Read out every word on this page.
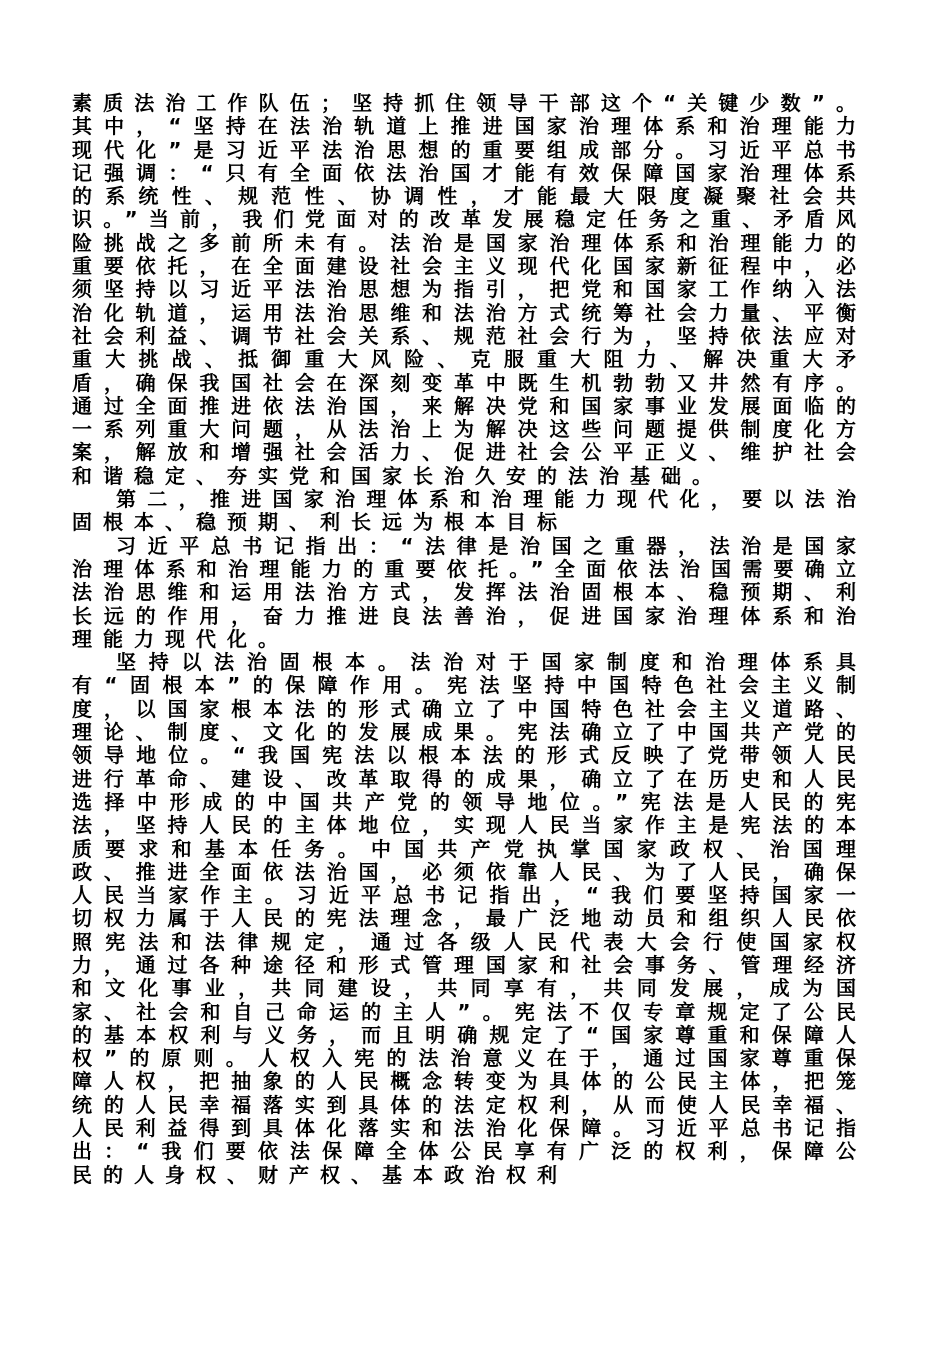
素质法治工作队伍；坚持抓住领导干部这个“关键少数”。其中，“坚持在法治轨道上推进国家治理体系和治理能力现代化”是习近平法治思想的重要组成部分。习近平总书记强调：“只有全面依法治国才能有效保障国家治理体系的系统性、规范性、协调性，才能最大限度凝聚社会共识。”当前，我们党面对的改革发展稳定任务之重、矛盾风险挑战之多前所未有。法治是国家治理体系和治理能力的重要依托，在全面建设社会主义现代化国家新征程中，必须坚持以习近平法治思想为指引，把党和国家工作纳入法治化轨道，运用法治思维和法治方式统筹社会力量、平衡社会利益、调节社会关系、规范社会行为，坚持依法应对重大挑战、抵御重大风险、克服重大阻力、解决重大矛盾，确保我国社会在深刻变革中既生机勃勃又井然有序。通过全面推进依法治国，来解决党和国家事业发展面临的一系列重大问题，从法治上为解决这些问题提供制度化方案，解放和增强社会活力、促进社会公平正义、维护社会和谐稳定、夯实党和国家长治久安的法治基础。

第二，推进国家治理体系和治理能力现代化，要以法治固根本、稳预期、利长远为根本目标

习近平总书记指出：“法律是治国之重器，法治是国家治理体系和治理能力的重要依托。”全面依法治国需要确立法治思维和运用法治方式，发挥法治固根本、稳预期、利长远的作用，奋力推进良法善治，促进国家治理体系和治理能力现代化。

坚持以法治固根本。法治对于国家制度和治理体系具有“固根本”的保障作用。宪法坚持中国特色社会主义制度，以国家根本法的形式确立了中国特色社会主义道路、理论、制度、文化的发展成果。宪法确立了中国共产党的领导地位。“我国宪法以根本法的形式反映了党带领人民进行革命、建设、改革取得的成果，确立了在历史和人民选择中形成的中国共产党的领导地位。”宪法是人民的宪法，坚持人民的主体地位，实现人民当家作主是宪法的本质要求和基本任务。中国共产党执掌国家政权、治国理政、推进全面依法治国，必须依靠人民、为了人民，确保人民当家作主。习近平总书记指出，“我们要坚持国家一切权力属于人民的宪法理念，最广泛地动员和组织人民依照宪法和法律规定，通过各级人民代表大会行使国家权力，通过各种途径和形式管理国家和社会事务、管理经济和文化事业，共同建设，共同享有，共同发展，成为国家、社会和自己命运的主人”。宪法不仅专章规定了公民的基本权利与义务，而且明确规定了“国家尊重和保障人权”的原则。人权入宪的法治意义在于，通过国家尊重保障人权，把抽象的人民概念转变为具体的公民主体，把笼统的人民幸福落实到具体的法定权利，从而使人民幸福、人民利益得到具体化落实和法治化保障。习近平总书记指出：“我们要依法保障全体公民享有广泛的权利，保障公民的人身权、财产权、基本政治权利
